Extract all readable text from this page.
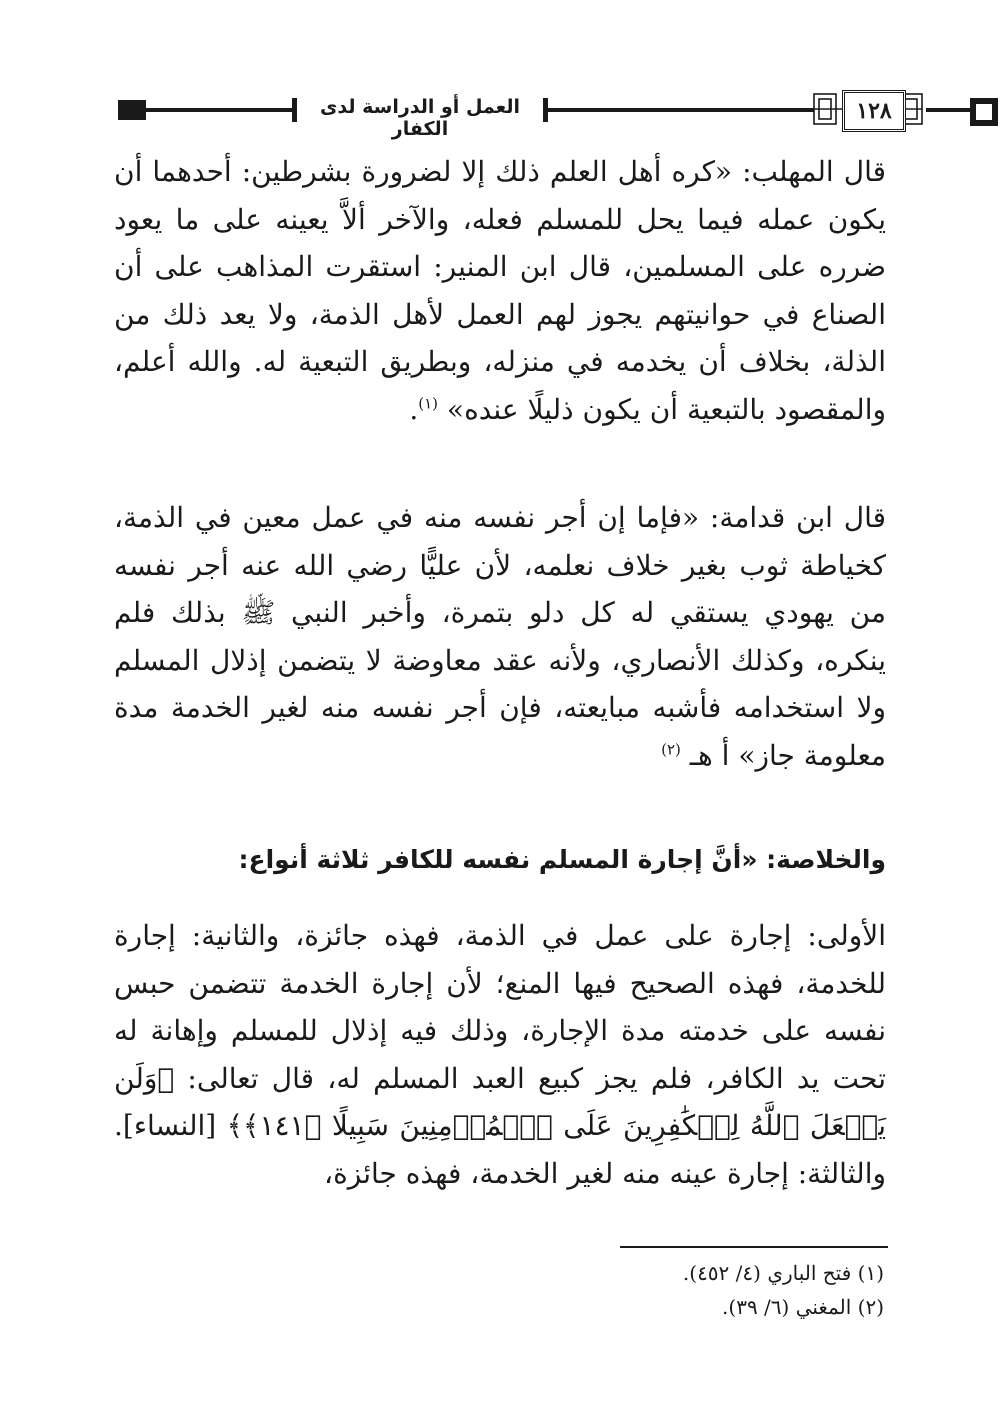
العمل أو الدراسة لدى الكفار
١٢٨

قال المهلب: «كره أهل العلم ذلك إلا لضرورة بشرطين: أحدهما أن يكون عمله فيما يحل للمسلم فعله، والآخر ألاَّ يعينه على ما يعود ضرره على المسلمين، قال ابن المنير: استقرت المذاهب على أن الصناع في حوانيتهم يجوز لهم العمل لأهل الذمة، ولا يعد ذلك من الذلة، بخلاف أن يخدمه في منزله، وبطريق التبعية له. والله أعلم، والمقصود بالتبعية أن يكون ذليلًا عنده» $^{(١)}$.

قال ابن قدامة: «فإما إن أجر نفسه منه في عمل معين في الذمة، كخياطة ثوب بغير خلاف نعلمه، لأن عليًّا رضي الله عنه أجر نفسه من يهودي يستقي له كل دلو بتمرة، وأخبر النبي ﷺ بذلك فلم ينكره، وكذلك الأنصاري، ولأنه عقد معاوضة لا يتضمن إذلال المسلم ولا استخدامه فأشبه مبايعته، فإن أجر نفسه منه لغير الخدمة مدة معلومة جاز» أ هـ $^{(٢)}$

والخلاصة: «أنَّ إجارة المسلم نفسه للكافر ثلاثة أنواع:

الأولى: إجارة على عمل في الذمة، فهذه جائزة، والثانية: إجارة للخدمة، فهذه الصحيح فيها المنع؛ لأن إجارة الخدمة تتضمن حبس نفسه على خدمته مدة الإجارة، وذلك فيه إذلال للمسلم وإهانة له تحت يد الكافر، فلم يجز كبيع العبد المسلم له، قال تعالى: ﴿وَلَن يَجۡعَلَ ٱللَّهُ لِلۡكَٰفِرِينَ عَلَى ٱلۡمُؤۡمِنِينَ سَبِيلًا ﴿١٤١﴾﴾ [النساء]. والثالثة: إجارة عينه منه لغير الخدمة، فهذه جائزة،

(١) فتح الباري (٤/ ٤٥٢).
(٢) المغني (٦/ ٣٩).
